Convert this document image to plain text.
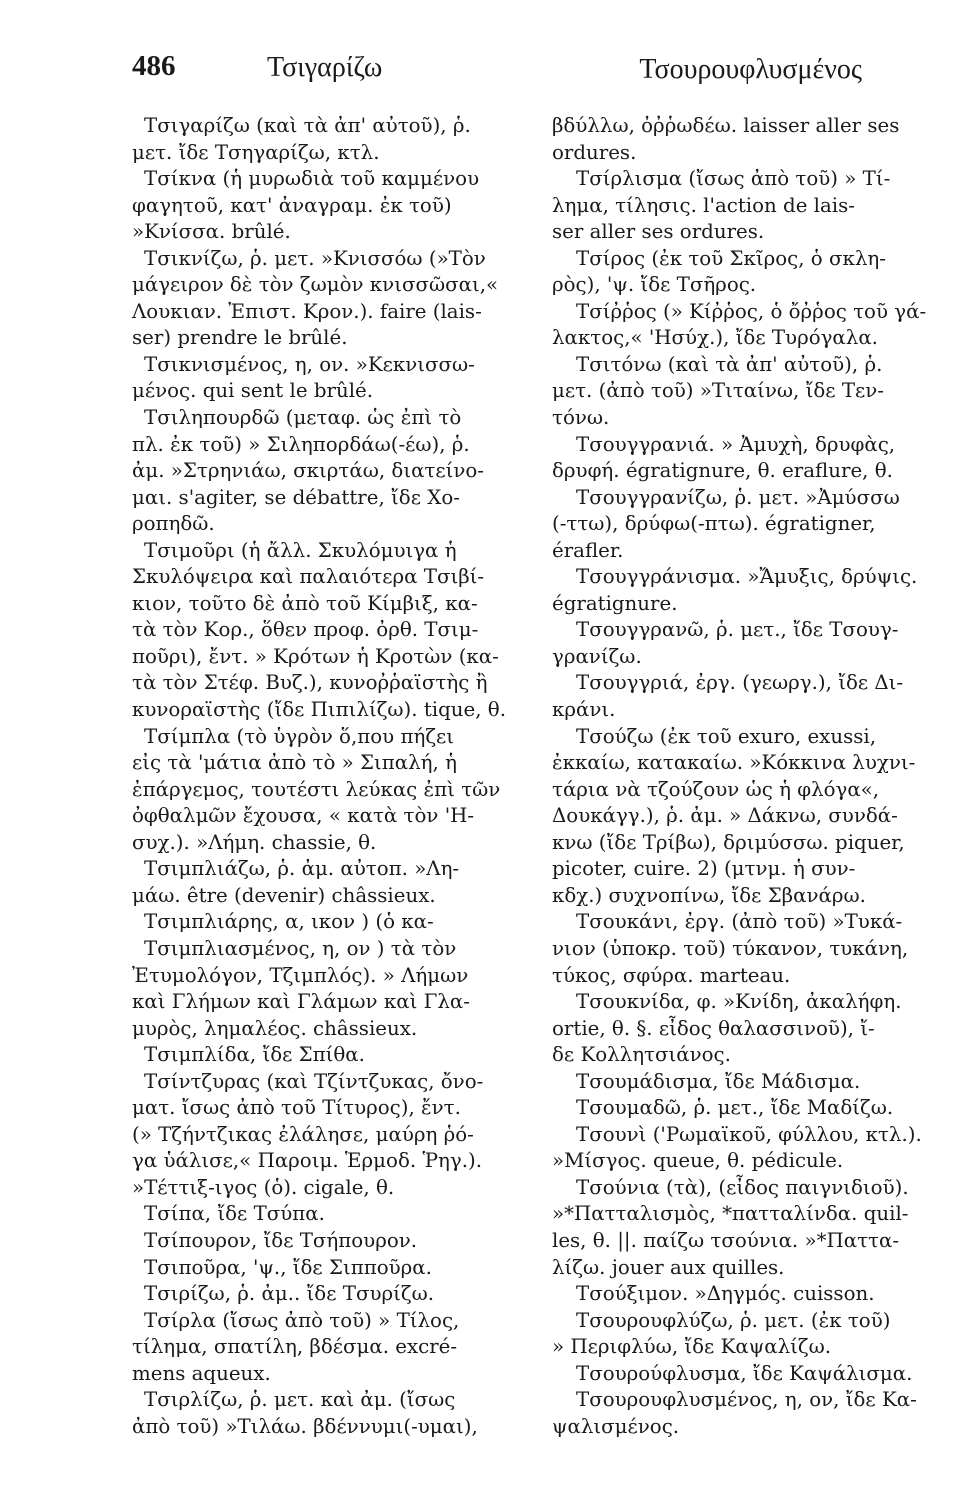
486	Τσιγαρίζω	Τσουρουφλυσμένος
Τσιγαρίζω (καὶ τὰ ἀπ' αὐτοῦ), ῥ.
μετ. ἴδε Τσηγαρίζω, κτλ.
Τσίκνα (ἡ μυρωδιὰ τοῦ καμμένου
φαγητοῦ, κατ' ἀναγραμ. ἐκ τοῦ)
»Κνίσσα. brûlé.
Τσικνίζω, ῥ. μετ. »Κνισσόω (»Τὸν
μάγειρον δὲ τὸν ζωμὸν κνισσῶσαι,«
Λουκιαν. Ἐπιστ. Κρον.). faire (lais-
ser) prendre le brûlé.
Τσικνισμένος, η, ον. »Κεκνισσω-
μένος. qui sent le brûlé.
Τσιληπουρδῶ (μεταφ. ὡς ἐπὶ τὸ
πλ. ἐκ τοῦ) » Σιληπορδάω(-έω), ῥ.
ἀμ. »Στρηνιάω, σκιρτάω, διατείνο-
μαι. s'agiter, se débattre, ἴδε Χο-
ροπηδῶ.
Τσιμοῦρι (ἡ ἄλλ. Σκυλόμυιγα ἡ
Σκυλόψειρα καὶ παλαιότερα Τσιβί-
κιον, τοῦτο δὲ ἀπὸ τοῦ Κίμβιξ, κα-
τὰ τὸν Κορ., ὅθεν προφ. ὀρθ. Τσιμ-
ποῦρι), ἔντ. » Κρότων ἡ Κροτὼν (κα-
τὰ τὸν Στέφ. Βυζ.), κυνοῤῥαϊστὴς ἢ
κυνοραϊστὴς (ἴδε Πιπιλίζω). tique, θ.
Τσίμπλα (τὸ ὑγρὸν ὅ,που πήζει
εἰς τὰ 'μάτια ἀπὸ τὸ » Σιπαλή, ἡ
ἐπάργεμος, τουτέστι λεύκας ἐπὶ τῶν
ὀφθαλμῶν ἔχουσα, « κατὰ τὸν 'Η-
συχ.). »Λήμη. chassie, θ.
Τσιμπλιάζω, ῥ. ἀμ. αὐτοπ. »Λη-
μάω. être (devenir) châssieux.
Τσιμπλιάρης, α, ικον ) (ὁ κα-
Τσιμπλιασμένος, η, ον ) τὰ τὸν
Ἐτυμολόγον, Τζιμπλός). » Λήμων
καὶ Γλήμων καὶ Γλάμων καὶ Γλα-
μυρὸς, λημαλέος. châssieux.
Τσιμπλίδα, ἴδε Σπίθα.
Τσίντζυρας (καὶ Τζίντζυκας, ὄνο-
ματ. ἴσως ἀπὸ τοῦ Τίτυρος), ἔντ.
(» Τζήντζικας ἐλάλησε, μαύρη ῥό-
γα ὑάλισε,« Παροιμ. Ἑρμοδ. Ῥηγ.).
»Τέττιξ-ιγος (ὁ). cigale, θ.
Τσίπα, ἴδε Τσύπα.
Τσίπουρον, ἴδε Τσήπουρον.
Τσιποῦρα, 'ψ., ἴδε Σιπποῦρα.
Τσιρίζω, ῥ. ἀμ.. ἴδε Τσυρίζω.
Τσίρλα (ἴσως ἀπὸ τοῦ) » Τίλος,
τίλημα, σπατίλη, βδέσμα. excré-
mens aqueux.
Τσιρλίζω, ῥ. μετ. καὶ ἀμ. (ἴσως
ἀπὸ τοῦ) »Τιλάω. βδέννυμι(-υμαι),
βδύλλω, ὀῤῥωδέω. laisser aller ses
ordures.
Τσίρλισμα (ἴσως ἀπὸ τοῦ) » Τί-
λημα, τίλησις. l'action de lais-
ser aller ses ordures.
Τσίρος (ἐκ τοῦ Σκῖρος, ὁ σκλη-
ρὸς), 'ψ. ἴδε Τσῆρος.
Τσίῤῥος (» Κίῤῥος, ὁ ὄῤῥος τοῦ γά-
λακτος,« 'Ησύχ.), ἴδε Τυρόγαλα.
Τσιτόνω (καὶ τὰ ἀπ' αὐτοῦ), ῥ.
μετ. (ἀπὸ τοῦ) »Τιταίνω, ἴδε Τεν-
τόνω.
Τσουγγρανιά. » Ἀμυχὴ, δρυφὰς,
δρυφή. égratignure, θ. eraflure, θ.
Τσουγγρανίζω, ῥ. μετ. »Ἀμύσσω
(-ττω), δρύφω(-πτω). égratigner,
érafler.
Τσουγγράνισμα. »Ἄμυξις, δρύψις.
égratignure.
Τσουγγρανῶ, ῥ. μετ., ἴδε Τσουγ-
γρανίζω.
Τσουγγριά, ἐργ. (γεωργ.), ἴδε Δι-
κράνι.
Τσούζω (ἐκ τοῦ exuro, exussi,
ἐκκαίω, κατακαίω. »Κόκκινα λυχνι-
τάρια νὰ τζούζουν ὡς ἡ φλόγα«,
Δουκάγγ.), ῥ. ἀμ. » Δάκνω, συνδά-
κνω (ἴδε Τρίβω), δριμύσσω. piquer,
picoter, cuire. 2) (μτνμ. ἡ συν-
κδχ.) συχνοπίνω, ἴδε Σβανάρω.
Τσουκάνι, ἐργ. (ἀπὸ τοῦ) »Τυκά-
νιον (ὑποκρ. τοῦ) τύκανον, τυκάνη,
τύκος, σφύρα. marteau.
Τσουκνίδα, φ. »Κνίδη, ἀκαλήφη.
ortie, θ. §. εἶδος θαλασσινοῦ), ἴ-
δε Κολλητσιάνος.
Τσουμάδισμα, ἴδε Μάδισμα.
Τσουμαδῶ, ῥ. μετ., ἴδε Μαδίζω.
Τσουνὶ ('Ρωμαϊκοῦ, φύλλου, κτλ.).
»Μίσγος. queue, θ. pédicule.
Τσούνια (τὰ), (εἶδος παιγνιδιοῦ).
»*Πατταλισμὸς, *πατταλίνδα. quil-
les, θ. ||. παίζω τσούνια. »*Παττα-
λίζω. jouer aux quilles.
Τσούξιμον. »Δηγμός. cuisson.
Τσουρουφλύζω, ῥ. μετ. (ἐκ τοῦ)
» Περιφλύω, ἴδε Καψαλίζω.
Τσουρούφλυσμα, ἴδε Καψάλισμα.
Τσουρουφλυσμένος, η, ον, ἴδε Κα-
ψαλισμένος.
